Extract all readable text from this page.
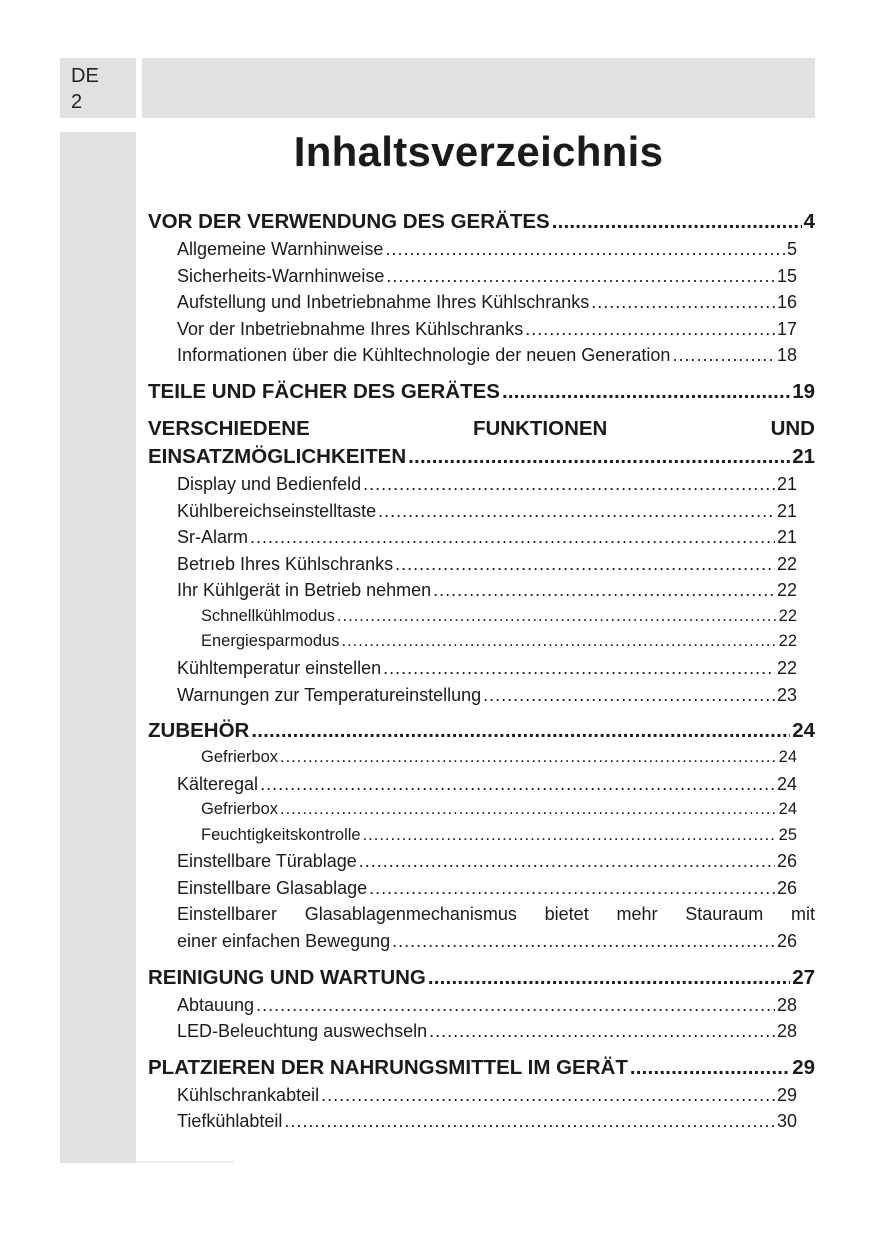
DE
2
Inhaltsverzeichnis
VOR DER VERWENDUNG DES GERÄTES .....	4
Allgemeine Warnhinweise .....	5
Sicherheits-Warnhinweise .....	15
Aufstellung und Inbetriebnahme Ihres Kühlschranks .....	16
Vor der Inbetriebnahme Ihres Kühlschranks .....	17
Informationen über die Kühltechnologie der neuen Generation .....	18
TEILE UND FÄCHER DES GERÄTES .....	19
VERSCHIEDENE	FUNKTIONEN	UND
EINSATZMÖGLICHKEITEN .....	21
Display und Bedienfeld .....	21
Kühlbereichseinstelltaste .....	21
Sr-Alarm .....	21
Betrıeb Ihres Kühlschranks .....	22
Ihr Kühlgerät in Betrieb nehmen .....	22
Schnellkühlmodus .....	22
Energiesparmodus .....	22
Kühltemperatur einstellen .....	22
Warnungen zur Temperatureinstellung .....	23
ZUBEHÖR .....	24
Gefrierbox .....	24
Kälteregal .....	24
Gefrierbox .....	24
Feuchtigkeitskontrolle .....	25
Einstellbare Türablage .....	26
Einstellbare Glasablage .....	26
Einstellbarer Glasablagenmechanismus bietet mehr Stauraum mit
einer einfachen Bewegung .....	26
REINIGUNG UND WARTUNG .....	27
Abtauung .....	28
LED-Beleuchtung auswechseln .....	28
PLATZIEREN DER NAHRUNGSMITTEL IM GERÄT .....	29
Kühlschrankabteil .....	29
Tiefkühlabteil .....	30
